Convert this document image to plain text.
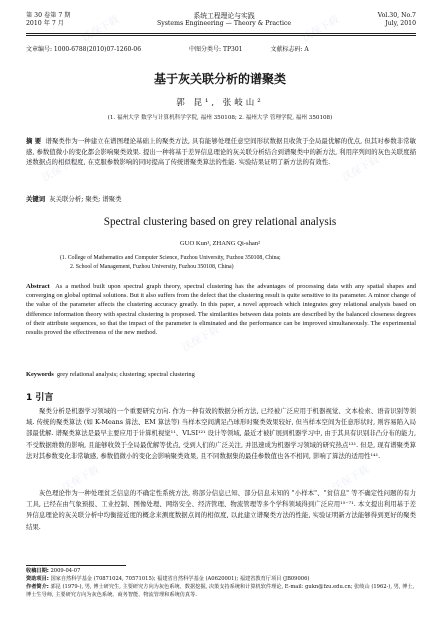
沃保下载	沃保下载
沃保下载	沃保下载
沃保下载
沃保下载	沃保下载
第 30 卷第 7 期
2010 年 7 月
系统工程理论与实践
Systems Engineering — Theory & Practice
Vol.30, No.7
July, 2010
文章编号: 1000-6788(2010)07-1260-06	中图分类号: TP301	文献标志码: A
基于灰关联分析的谱聚类
郭 昆¹, 张岐山²
(1. 福州大学 数学与计算机科学学院, 福州 350108; 2. 福州大学 管理学院, 福州 350108)

摘 要 谱聚类作为一种建立在谱图理论基础上的聚类方法, 具有能够处理任意空间形状数据且收敛于全局最优解的优点, 但其对参数非常敏感, 参数值微小的变化都会影响聚类效果. 提出一种将基于差异信息理论的灰关联分析结合到谱聚类中的新方法, 利用序列间的灰色关联度描述数据点的相似程度, 在克服参数影响的同时提高了传统谱聚类算法的性能. 实验结果证明了新方法的有效性.

关键词 灰关联分析; 聚类; 谱聚类

Spectral clustering based on grey relational analysis
GUO Kun¹, ZHANG Qi-shan²
(1. College of Mathematics and Computer Science, Fuzhou University, Fuzhou 350108, China;
2. School of Management, Fuzhou University, Fuzhou 350108, China)

Abstract As a method built upon spectral graph theory, spectral clustering has the advantages of processing data with any spatial shapes and converging on global optimal solutions. But it also suffers from the defect that the clustering result is quite sensitive to its parameter. A minor change of the value of the parameter affects the clustering accuracy greatly. In this paper, a novel approach which integrates grey relational analysis based on difference information theory with spectral clustering is proposed. The similarities between data points are described by the balanced closeness degrees of their attribute sequences, so that the impact of the parameter is eliminated and the performance can be improved simultaneously. The experimental results proved the effectiveness of the new method.

Keywords grey relational analysis; clustering; spectral clustering

1 引言

聚类分析是机器学习领域的一个重要研究方向. 作为一种有效的数据分析方法, 已经被广泛应用于机器视觉、文本检索、语音识别等领域. 传统的聚类算法 (如 K-Means 算法、EM 算法等) 当样本空间满足凸球形时聚类效果较好, 但当样本空间为任意形状时, 则容易陷入局部最优解. 谱聚类算法是最早主要应用于计算机视觉¹¹、VLSI¹²¹ 设计等领域, 最近才被扩展到机器学习中, 由于其具有识别非凸分布的能力, 不受数据维数的影响, 且能够收敛于全局最优解等优点, 受到人们的广泛关注, 并迅速成为机器学习领域的研究热点¹³¹. 但是, 现有谱聚类算法对其参数变化非常敏感, 参数值微小的变化会影响聚类效果, 且不同数据集的最佳参数值也各不相同, 影响了算法的适用性¹⁴¹.

灰色理论作为一种处理贫乏信息的不确定性系统方法, 将部分信息已知、部分信息未知的 "小样本"、"贫信息" 等不确定性问题的有力工具, 已经在由气象预报、工业控制、图像处理、网络安全、经济管理、物流管理等多个学科领域得到广泛应用¹⁵⁻⁷¹. 本文提出利用基于差异信息理论的灰关联分析中均衡接近度的概念来测度数据点间的相似度, 以此建立谱聚类方法的性能, 实验证明新方法能够得到更好的聚类结果.

收稿日期: 2009-04-07

资助项目: 国家自然科学基金 (70871024, 70571015); 福建省自然科学基金 (A0620001); 福建省教育厅项目 (JB09006)

作者简介: 郭昆 (1979-), 男, 博士研究生, 主要研究方向为灰色系统、数据挖掘, 决策支持系统和计算机软件理论, E-mail: gukn@fzu.edu.cn; 张岐山 (1962-), 男, 博士, 博士生导师, 主要研究方向为灰色系统、商务智能、物流管理和系统仿真等.
